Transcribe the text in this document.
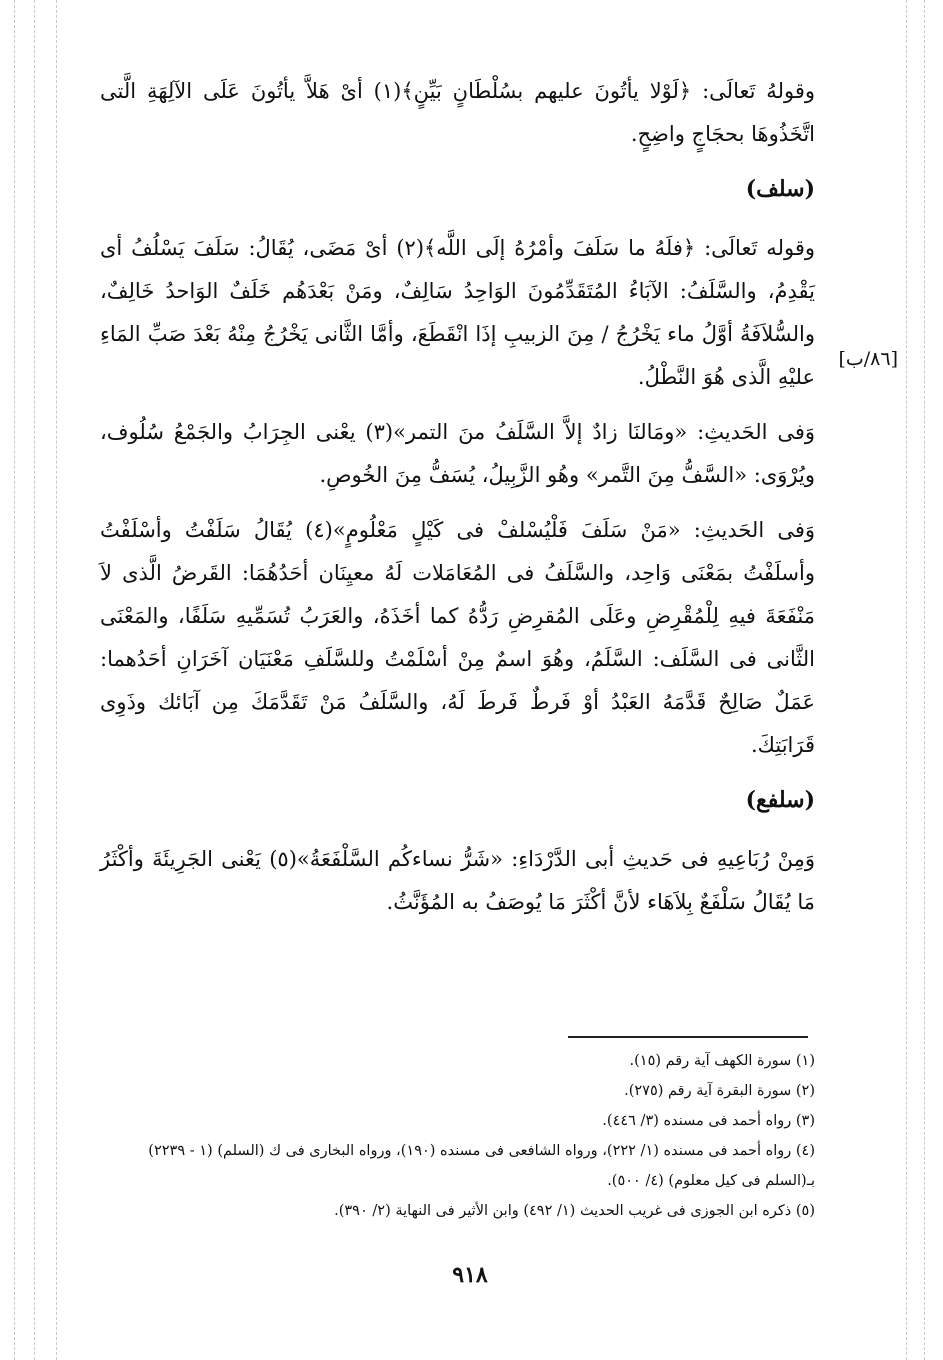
وقولهُ تَعالَى: ﴿لَوْلا يأتُونَ عليهم بسُلْطَانٍ بَيِّنٍ﴾(١) أىْ هَلاَّ يأتُونَ عَلَى الآلِهَةِ الَّتى اتَّخَذُوهَا بحجَاجٍ واضِحٍ.

(سلف)

وقوله تَعالَى: ﴿فلَهُ ما سَلَفَ وأمْرُهُ إلَى اللَّه﴾(٢) أىْ مَضَى، يُقَالُ: سَلَفَ يَسْلُفُ أى يَقْدِمُ، والسَّلَفُ: الآبَاءُ المُتَقَدِّمُونَ الوَاحِدُ سَالِفٌ، ومَنْ بَعْدَهُم خَلَفٌ الوَاحدُ خَالِفٌ، والسُّلاَفَةُ أوَّلُ ماء يَخْرُجُ / مِنَ الزبيبِ إذَا انْقَطَعَ، وأمَّا الثَّانى يَخْرُجُ مِنْهُ بَعْدَ صَبِّ المَاءِ عليْهِ الَّذى هُوَ النَّطْلُ.

وَفى الحَديثِ: «ومَالنَا زادٌ إلاَّ السَّلَفُ منَ التمر»(٣) يعْنى الجِرَابُ والجَمْعُ سُلُوف، ويُرْوَى: «السَّفُّ مِنَ التَّمر» وهُو الزَّبِيلُ، يُسَفُّ مِنَ الخُوصِ.

وَفى الحَديثِ: «مَنْ سَلَفَ فَلْيُسْلفْ فى كَيْلٍ مَعْلُومٍ»(٤) يُقَالُ سَلَفْتُ وأسْلَفْتُ وأسلَفْتُ بمَعْنَى وَاحِد، والسَّلَفُ فى المُعَامَلات لَهُ معيِنَان أحَدُهُمَا: القَرضُ الَّذى لاَ مَنْفَعَةَ فيهِ لِلْمُقْرِضِ وعَلَى المُقرِضِ رَدُّهُ كما أخَذَهُ، والعَرَبُ تُسَمِّيهِ سَلَفًا، والمَعْنَى الثَّانى فى السَّلَف: السَّلَمُ، وهُوَ اسمٌ مِنْ أسْلَمْتُ وللسَّلَفِ مَعْنَيَان آخَرَانِ أحَدُهما: عَمَلٌ صَالِحٌ قَدَّمَهُ العَبْدُ أوْ فَرطٌ فَرطَ لَهُ، والسَّلَفُ مَنْ تَقَدَّمَكَ مِن آبَائك وذَوِى قَرَابَتِكَ.

(سلفع)

وَمِنْ رُبَاعِيهِ فى حَديثِ أبى الدَّرْدَاءِ: «شَرُّ نساءكُم السَّلْفَعَةُ»(٥) يَعْنى الجَرِيئَةَ وأكْثَرُ مَا يُقَالُ سَلْفَعٌ بِلاَهَاء لأنَّ أكْثَرَ مَا يُوصَفُ به المُؤَنَّثُ.

[٨٦/ب]

(١) سورة الكهف آية رقم (١٥).

(٢) سورة البقرة آية رقم (٢٧٥).

(٣) رواه أحمد فى مسنده (٣/ ٤٤٦).

(٤) رواه أحمد فى مسنده (١/ ٢٢٢)، ورواه الشافعى فى مسنده (١٩٠)، ورواه البخارى فى ك (السلم) (١ - ٢٢٣٩) بـ(السلم فى كيل معلوم) (٤/ ٥٠٠).

(٥) ذكره ابن الجوزى فى غريب الحديث (١/ ٤٩٢) وابن الأثير فى النهاية (٢/ ٣٩٠).

٩١٨
